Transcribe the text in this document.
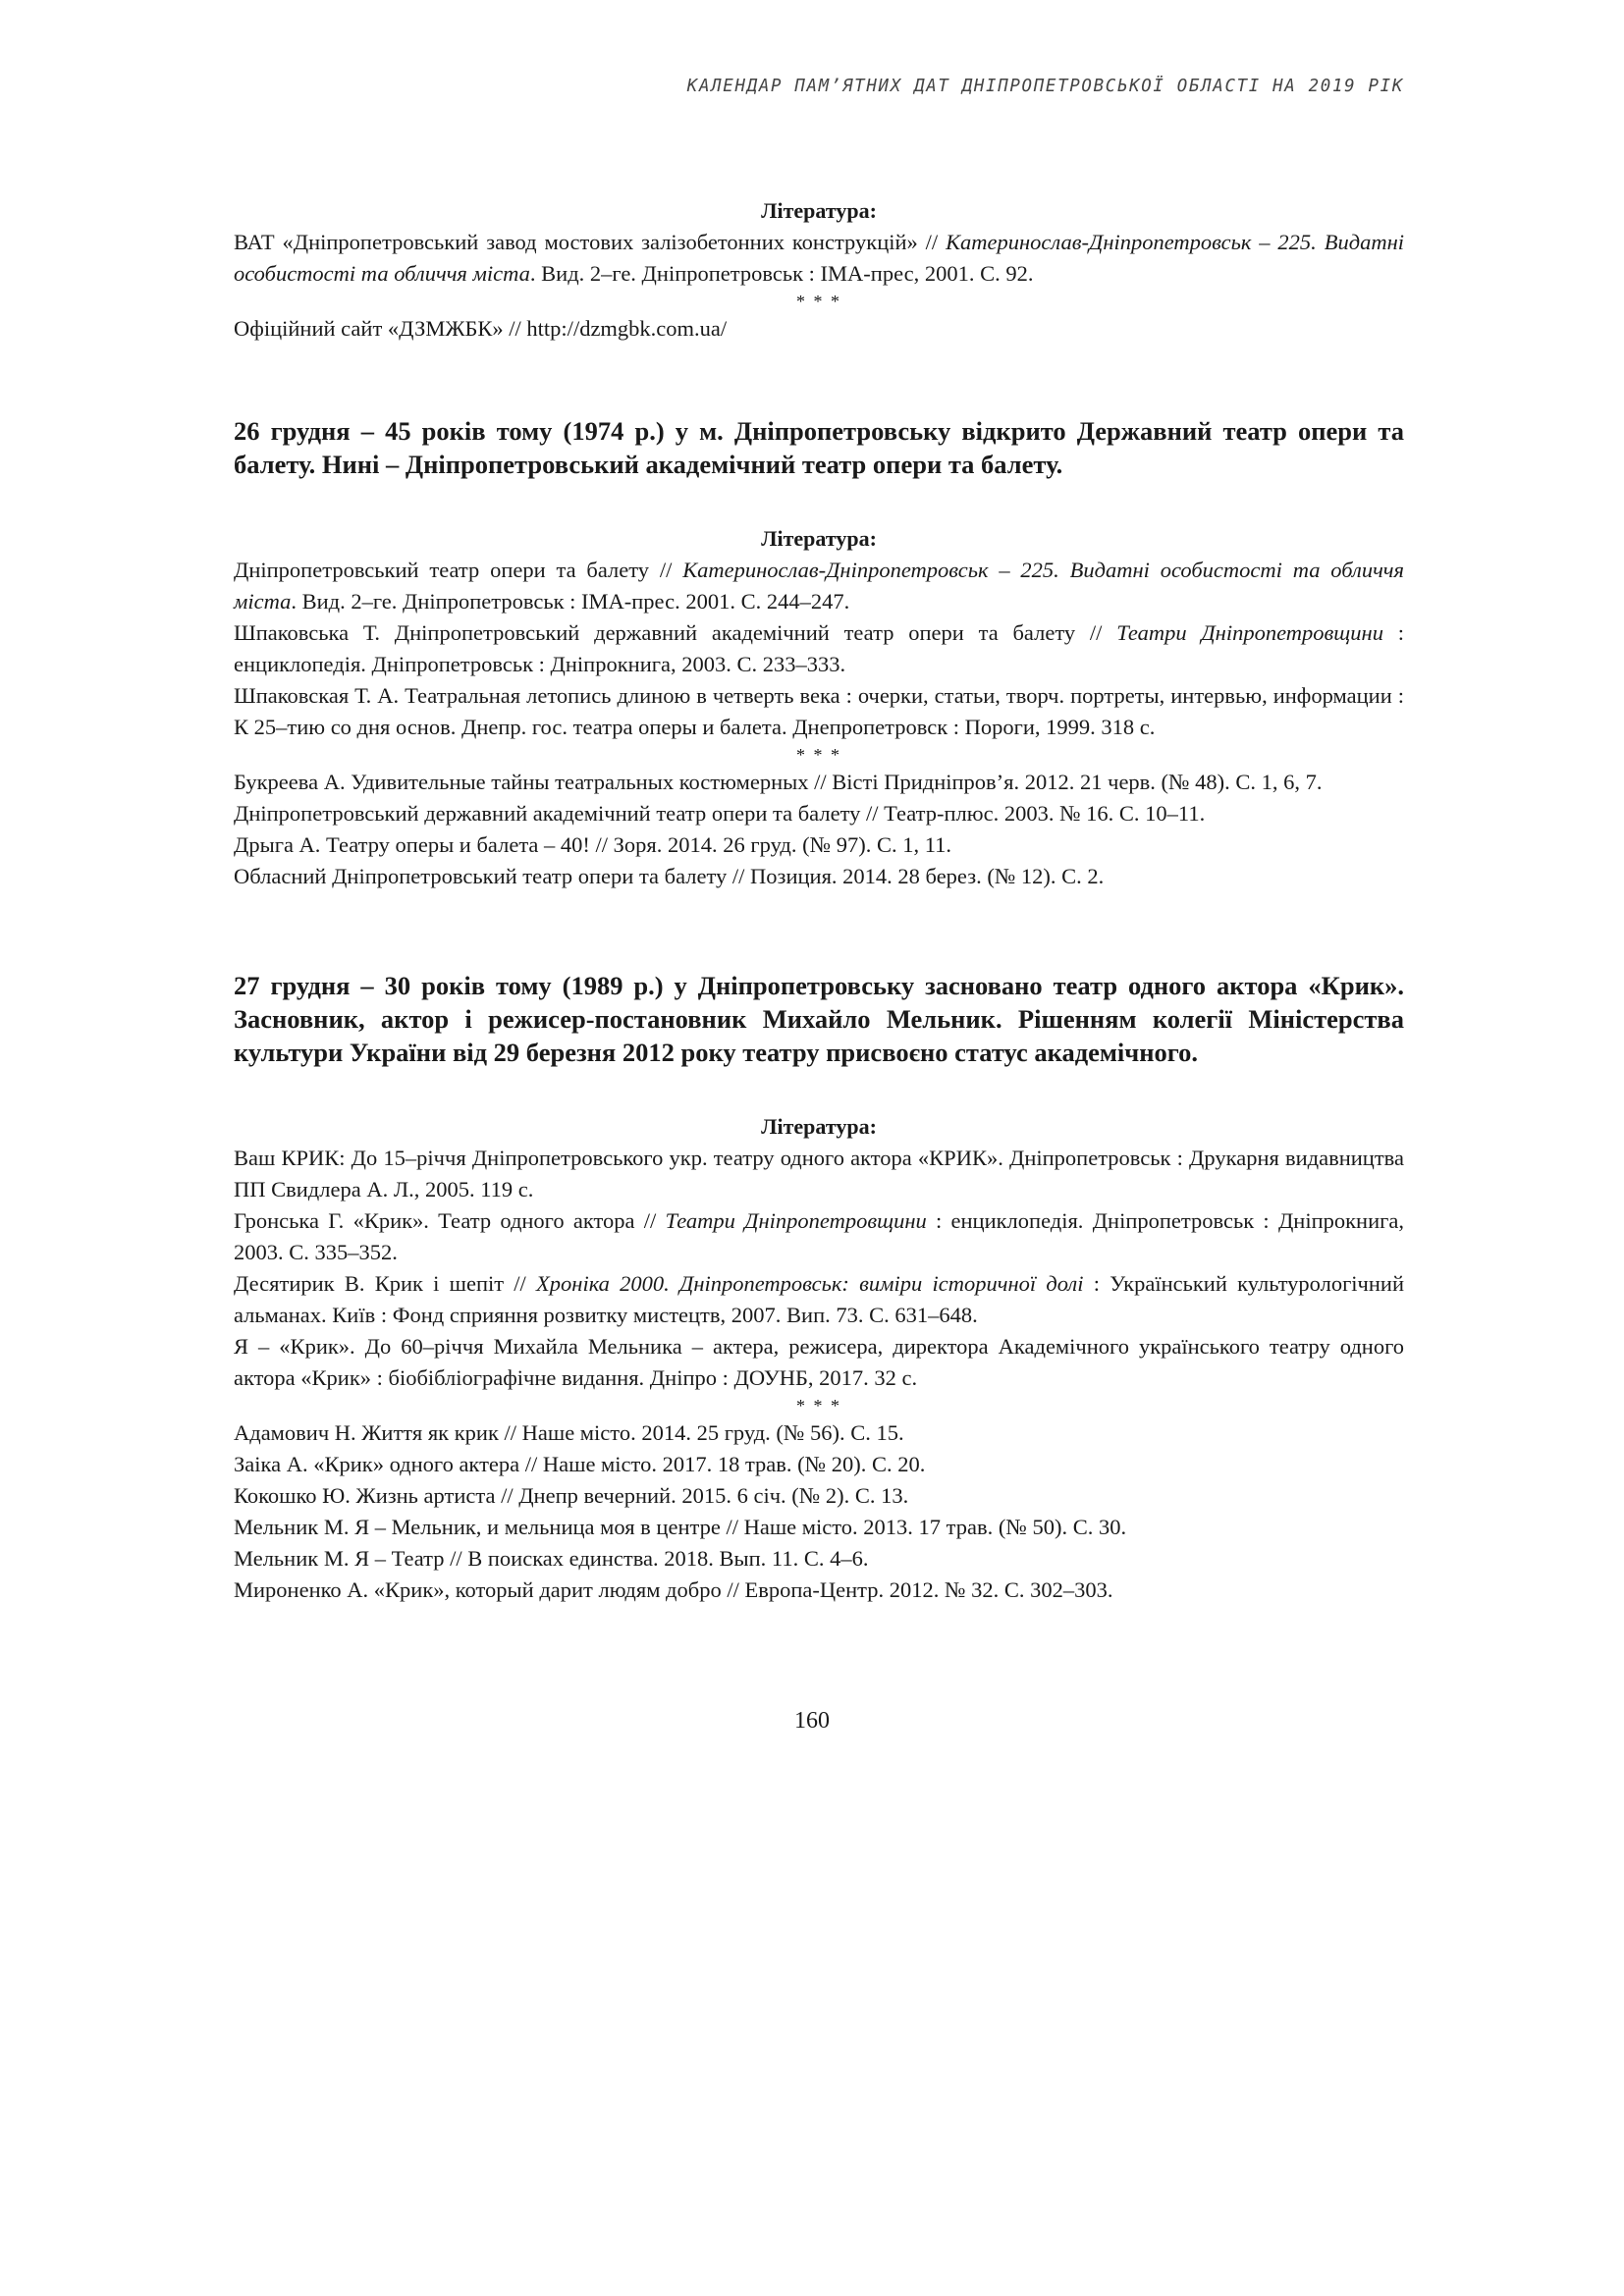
КАЛЕНДАР ПАМ’ЯТНИХ ДАТ ДНІПРОПЕТРОВСЬКОЇ ОБЛАСТІ НА 2019 РІК

Література:

ВАТ «Дніпропетровський завод мостових залізобетонних конструкцій» // Катеринослав-Дніпропетровськ – 225. Видатні особистості та обличчя міста. Вид. 2–ге. Дніпропетровськ : ІМА-прес, 2001. С. 92.

* * *

Офіційний сайт «ДЗМЖБК» // http://dzmgbk.com.ua/

26 грудня – 45 років тому (1974 р.) у м. Дніпропетровську відкрито Державний театр опери та балету. Нині – Дніпропетровський академічний театр опери та балету.

Література:

Дніпропетровський театр опери та балету // Катеринослав-Дніпропетровськ – 225. Видатні особистості та обличчя міста. Вид. 2–ге. Дніпропетровськ : ІМА-прес. 2001. С. 244–247.

Шпаковська Т. Дніпропетровський державний академічний театр опери та балету // Театри Дніпропетровщини : енциклопедія. Дніпропетровськ : Дніпрокнига, 2003. С. 233–333.

Шпаковская Т. А. Театральная летопись длиною в четверть века : очерки, статьи, творч. портреты, интервью, информации : К 25–тию со дня основ. Днепр. гос. театра оперы и балета. Днепропетровск : Пороги, 1999. 318 с.

* * *

Букреева А. Удивительные тайны театральных костюмерных // Вісті Придніпров’я. 2012. 21 черв. (№ 48). С. 1, 6, 7.

Дніпропетровський державний академічний театр опери та балету // Театр-плюс. 2003. № 16. С. 10–11.

Дрыга А. Театру оперы и балета – 40! // Зоря. 2014. 26 груд. (№ 97). С. 1, 11.

Обласний Дніпропетровський театр опери та балету // Позиция. 2014. 28 берез. (№ 12). С. 2.

27 грудня – 30 років тому (1989 р.) у Дніпропетровську засновано театр одного актора «Крик». Засновник, актор і режисер-постановник Михайло Мельник. Рішенням колегії Міністерства культури України від 29 березня 2012 року театру присвоєно статус академічного.

Література:

Ваш КРИК: До 15–річчя Дніпропетровського укр. театру одного актора «КРИК». Дніпропетровськ : Друкарня видавництва ПП Свидлера А. Л., 2005. 119 с.

Гронська Г. «Крик». Театр одного актора // Театри Дніпропетровщини : енциклопедія. Дніпропетровськ : Дніпрокнига, 2003. С. 335–352.

Десятирик В. Крик і шепіт // Хроніка 2000. Дніпропетровськ: виміри історичної долі : Український культурологічний альманах. Київ : Фонд сприяння розвитку мистецтв, 2007. Вип. 73. С. 631–648.

Я – «Крик». До 60–річчя Михайла Мельника – актера, режисера, директора Академічного українського театру одного актора «Крик» : біобібліографічне видання. Дніпро : ДОУНБ, 2017. 32 с.

* * *

Адамович Н. Життя як крик // Наше місто. 2014. 25 груд. (№ 56). С. 15.

Заіка А. «Крик» одного актера // Наше місто. 2017. 18 трав. (№ 20). С. 20.

Кокошко Ю. Жизнь артиста // Днепр вечерний. 2015. 6 січ. (№ 2). С. 13.

Мельник М. Я – Мельник, и мельница моя в центре // Наше місто. 2013. 17 трав. (№ 50). С. 30.

Мельник М. Я – Театр // В поисках единства. 2018. Вып. 11. С. 4–6.

Мироненко А. «Крик», который дарит людям добро // Европа-Центр. 2012. № 32. С. 302–303.

160
